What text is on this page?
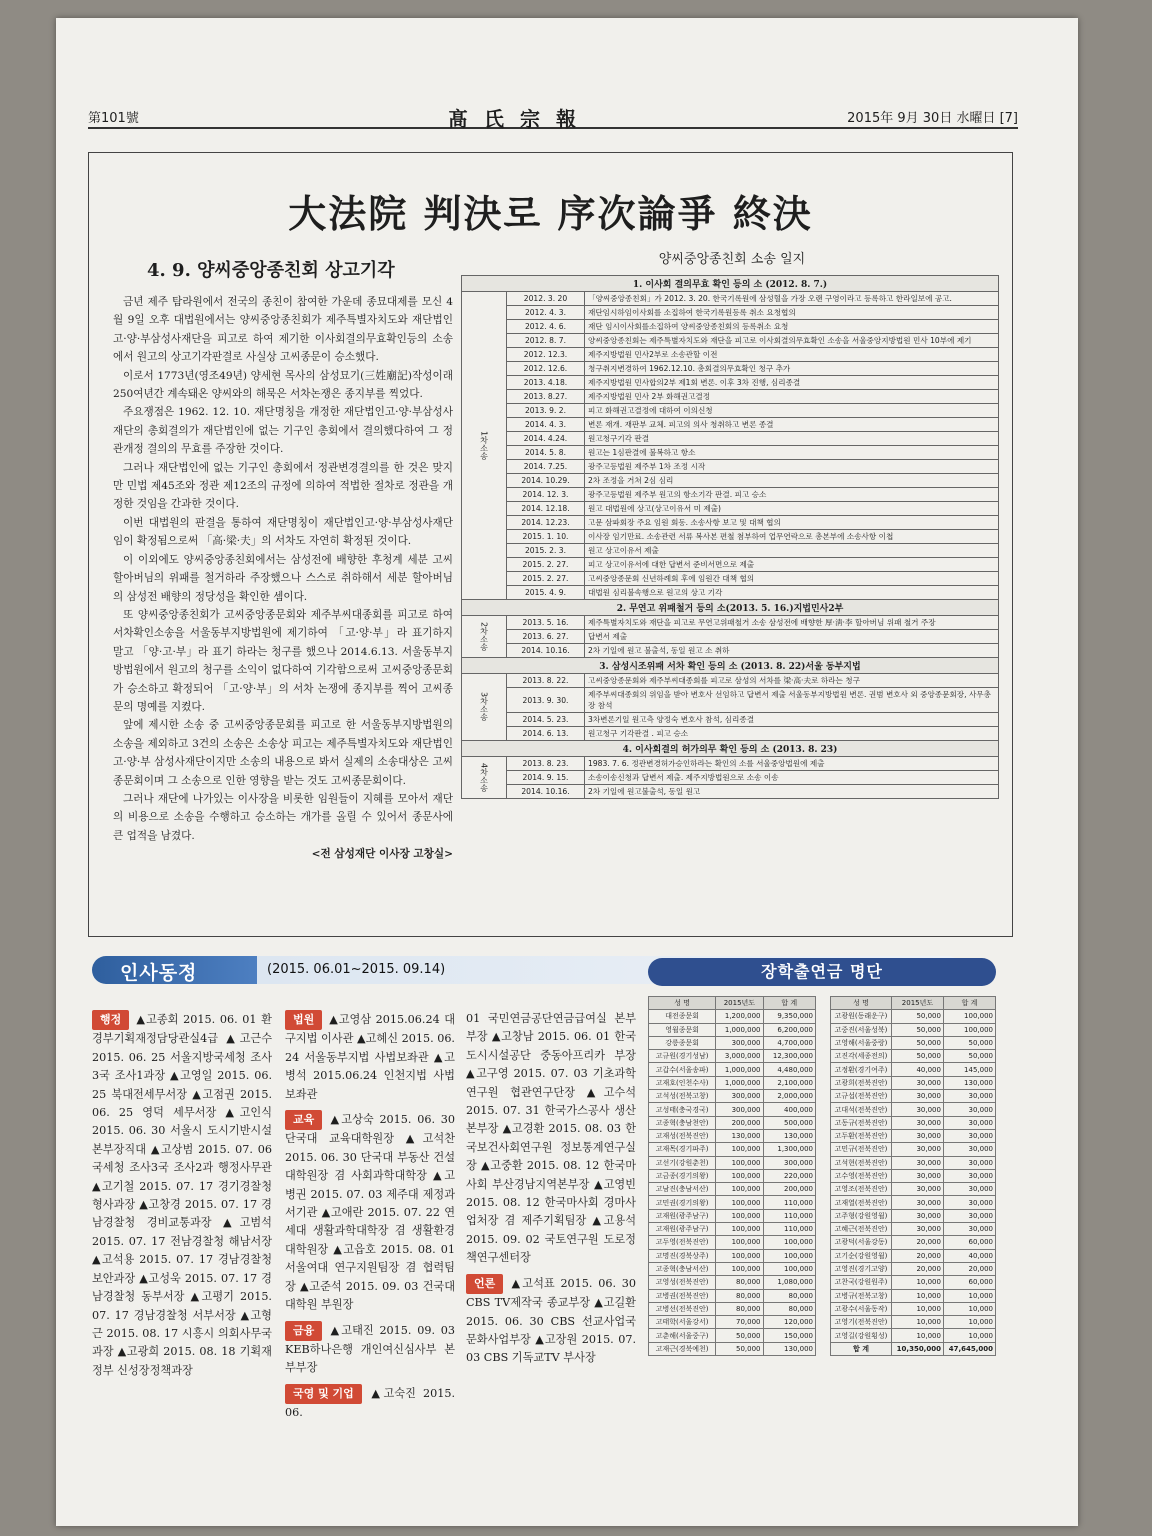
第101號	髙氏宗報	2015年 9月 30日 水曜日 [7]
大法院 判決로 序次論爭 終決
4. 9. 양씨중앙종친회 상고기각

금년 제주 탐라원에서 전국의 종친이 참여한 가운데 종묘대제를 모신 4월 9일 오후 대법원에서는 양씨중앙종친회가 제주특별자치도와 재단법인고·양·부삼성사재단을 피고로 하여 제기한 이사회결의무효확인등의 소송에서 원고의 상고기각판결로 사실상 고씨종문이 승소했다.

이로서 1773년(영조49년) 양세현 목사의 삼성묘기(三姓廟記)작성이래 250여년간 계속돼온 양씨와의 해묵은 서차논쟁은 종지부를 찍었다.

주요쟁점은 1962. 12. 10. 재단명칭을 개정한 재단법인고·양·부삼성사재단의 총회결의가 재단법인에 없는 기구인 총회에서 결의했다하여 그 정관개정 결의의 무효를 주장한 것이다.

그러나 재단법인에 없는 기구인 총회에서 정관변경결의를 한 것은 맞지만 민법 제45조와 정관 제12조의 규정에 의하여 적법한 절차로 정관을 개정한 것임을 간과한 것이다.

이번 대법원의 판결을 통하여 재단명칭이 재단법인고·양·부삼성사재단임이 확정됨으로써 「高·梁·夫」의 서차도 자연히 확정된 것이다.

이 이외에도 양씨중앙종친회에서는 삼성전에 배향한 후청계 세분 고씨 할아버님의 위패를 철거하라 주장했으나 스스로 취하해서 세분 할아버님의 삼성전 배향의 정당성을 확인한 셈이다.

또 양씨중앙종친회가 고씨중앙종문회와 제주부씨대종회를 피고로 하여 서차확인소송을 서울동부지방법원에 제기하여 「고·양·부」라 표기하지 말고 「양·고·부」라 표기 하라는 청구를 했으나 2014.6.13. 서울동부지방법원에서 원고의 청구를 소익이 없다하여 기각함으로써 고씨중앙종문회가 승소하고 확정되어 「고·양·부」의 서차 논쟁에 종지부를 찍어 고씨종문의 명예를 지켰다.

앞에 제시한 소송 중 고씨중앙종문회를 피고로 한 서울동부지방법원의 소송을 제외하고 3건의 소송은 소송상 피고는 제주특별자치도와 재단법인 고·양·부 삼성사재단이지만 소송의 내용으로 봐서 실제의 소송대상은 고씨종문회이며 그 소송으로 인한 영향을 받는 것도 고씨종문회이다.

그러나 재단에 나가있는 이사장을 비롯한 임원들이 지혜를 모아서 재단의 비용으로 소송을 수행하고 승소하는 개가를 올릴 수 있어서 종문사에 큰 업적을 남겼다.

<전 삼성재단 이사장 고창실>

양씨중앙종친회 소송 일지
1. 이사회 결의무효 확인 등의 소 (2012. 8. 7.)		
1차소송	2012. 3. 20	「양씨중앙종친회」가 2012. 3. 20. 한국기록원에 삼성혈을 가장 오랜 구영이라고 등록하고 한라일보에 공고.
	2012. 4. 3.	재단임시하임이사회를 소집하여 한국기록원등록 취소 요청협의
	2012. 4. 6.	재단 임시이사회를소집하여 양씨중앙종친회의 등록취소 요청
	2012. 8. 7.	양씨중앙종친회는 제주특별자치도와 재단을 피고로 이사회결의무효확인 소송을 서울중앙지방법원 민사 10부에 제기
	2012. 12.3.	제주지방법원 민사2부로 소송관할 이전
	2012. 12.6.	청구취지변경하여 1962.12.10. 총회결의무효확인 청구 추가
	2013. 4.18.	제주지방법원 민사합의2부 제1회 변론. 이후 3차 진행, 심리종결
	2013. 8.27.	제주지방법원 민사 2부 화해권고결정
	2013. 9. 2.	피고 화해권고결정에 대하여 이의신청
	2014. 4. 3.	변론 재개. 재판부 교체. 피고의 의사 청취하고 변론 종결
	2014. 4.24.	원고청구기각 판결
	2014. 5. 8.	원고는 1심판결에 불복하고 항소
	2014. 7.25.	광주고등법원 제주부 1차 조정 시작
	2014. 10.29.	2차 조정을 거쳐 2심 심리
	2014. 12. 3.	광주고등법원 제주부 원고의 항소기각 판결. 피고 승소
	2014. 12.18.	원고 대법원에 상고(상고이유서 미 제출)
	2014. 12.23.	고문 삼파회장 주요 임원 회동. 소송사항 보고 및 대책 협의
	2015. 1. 10.	이사장 임기만료. 소송관련 서류 복사본 편철 첨부하여 업무연락으로 총본부에 소송사항 이첩
	2015. 2. 3.	원고 상고이유서 제출
	2015. 2. 27.	피고 상고이유서에 대한 답변서 준비서면으로 제출
	2015. 2. 27.	고씨중앙종문회 신년하례회 후에 임원간 대책 협의
	2015. 4. 9.	대법원 심리불속행으로 원고의 상고 기각
2. 무연고 위패철거 등의 소(2013. 5. 16.)지법민사2부		
2차소송	2013. 5. 16.	제주특별자치도와 재단을 피고로 무연고위패철거 소송 삼성전에 배향한 厚·淸·李 할아버님 위패 철거 주장
	2013. 6. 27.	답변서 제출
	2014. 10.16.	2차 기일에 원고 불출석, 동일 원고 소 취하
3. 삼성시조위패 서차 확인 등의 소 (2013. 8. 22)서울 동부지법		
3차소송	2013. 8. 22.	고씨중앙종문회와 제주부씨대종회를 피고로 삼성의 서차를 梁·高·夫로 하라는 청구
	2013. 9. 30.	제주부씨대종회의 위임을 받아 변호사 선임하고 답변서 제출 서울동부지방법원 변론. 권범 변호사 외 중앙종문회장, 사무총장 참석
	2014. 5. 23.	3차변론기일 원고측 양정숙 변호사 참석, 심리종결
	2014. 6. 13.	원고청구 기각판결 . 피고 승소
4. 이사회결의 허가의무 확인 등의 소 (2013. 8. 23)		
4차소송	2013. 8. 23.	1983. 7. 6. 정관변경허가승인하라는 확인의 소를 서울중앙법원에 제출
	2014. 9. 15.	소송이송신청과 답변서 제출. 제주지방법원으로 소송 이송
	2014. 10.16.	2차 기일에 원고불출석, 동일 원고
인사동정	(2015. 06.01~2015. 09.14)	장학출연금 명단

행정 ▲고종회 2015. 06. 01 환경부기획재정담당관실4급 ▲고근수 2015. 06. 25 서울지방국세청 조사3국 조사1과장 ▲고영일 2015. 06. 25 북대전세무서장 ▲고점권 2015. 06. 25 영덕 세무서장 ▲고인식 2015. 06. 30 서울시 도시기반시설본부장직대 ▲고상범 2015. 07. 06 국세청 조사3국 조사2과 행정사무관 ▲고기철 2015. 07. 17 경기경찰청 형사과장 ▲고창경 2015. 07. 17 경남경찰청 경비교통과장 ▲고범석 2015. 07. 17 전남경찰청 해남서장 ▲고석용 2015. 07. 17 경남경찰청 보안과장 ▲고성욱 2015. 07. 17 경남경찰청 동부서장 ▲고평기 2015. 07. 17 경남경찰청 서부서장 ▲고형근 2015. 08. 17 시흥시 의회사무국 과장 ▲고광희 2015. 08. 18 기획재정부 신성장정책과장

법원 ▲고영삼 2015.06.24 대구지법 이사관 ▲고혜신 2015. 06. 24 서울동부지법 사법보좌관 ▲고병석 2015.06.24 인천지법 사법보좌관

교육 ▲고상숙 2015. 06. 30 단국대 교육대학원장 ▲고석찬 2015. 06. 30 단국대 부동산 건설대학원장 겸 사회과학대학장 ▲고병권 2015. 07. 03 제주대 제정과 서기관 ▲고애란 2015. 07. 22 연세대 생활과학대학장 겸 생활환경대학원장 ▲고읍호 2015. 08. 01 서울여대 연구지원팀장 겸 협력팀장 ▲고준석 2015. 09. 03 건국대 대학원 부원장

금융 ▲고태진 2015. 09. 03 KEB하나은행 개인여신심사부 본부부장

국영 및 기업 ▲고숙진 2015. 06.

01 국민연금공단연금급여실 본부부장 ▲고창남 2015. 06. 01 한국도시시설공단 중동아프리카 부장 ▲고구영 2015. 07. 03 기초과학연구원 협관연구단장 ▲고수석 2015. 07. 31 한국가스공사 생산본부장 ▲고경환 2015. 08. 03 한국보건사회연구원 정보통계연구실장 ▲고중환 2015. 08. 12 한국마사회 부산경남지역본부장 ▲고영빈 2015. 08. 12 한국마사회 경마사업처장 겸 제주기획팀장 ▲고용석 2015. 09. 02 국토연구원 도로정책연구센터장

언론 ▲고석표 2015. 06. 30 CBS TV제작국 종교부장 ▲고길환 2015. 06. 30 CBS 선교사업국 문화사업부장 ▲고장원 2015. 07. 03 CBS 기독교TV 부사장

성 명	2015년도	합 계
대전종문회	1,200,000	9,350,000
영월종문회	1,000,000	6,200,000
강릉종문회	300,000	4,700,000
고규원(경기성남)	3,000,000	12,300,000
고갑수(서울송파)	1,000,000	4,480,000
고재호(인천수사)	1,000,000	2,100,000
고석성(전북고창)	300,000	2,000,000
고성태(충국경국)	300,000	400,000
고종혁(충남천안)	200,000	500,000
고재성(전북진안)	130,000	130,000
고재목(경기파주)	100,000	1,300,000
고선기(강원춘천)	100,000	300,000
고금종(경기의왕)	100,000	220,000
고남진(충남서산)	100,000	200,000
고민권(경기의왕)	100,000	110,000
고재원(광주남구)	100,000	110,000
고재원(광주남구)	100,000	110,000
고두영(전북진안)	100,000	100,000
고명진(경북상주)	100,000	100,000
고종혁(충남서산)	100,000	100,000
고영성(전북진안)	80,000	1,080,000
고병권(전북진안)	80,000	80,000
고병선(전북진안)	80,000	80,000
고태학(서울강서)	70,000	120,000
고춘해(서울중구)	50,000	150,000
고재근(경북예천)	50,000	130,000
성 명	2015년도	합 계
고광원(동래운구)	50,000	100,000
고중진(서울성북)	50,000	100,000
고영해(서울중랑)	50,000	50,000
고진각(세종전의)	50,000	50,000
고정환(경기여주)	40,000	145,000
고광희(전북진안)	30,000	130,000
고규섭(전북진안)	30,000	30,000
고대석(전북진안)	30,000	30,000
고동규(전북진안)	30,000	30,000
고두환(전북진안)	30,000	30,000
고민규(전북진안)	30,000	30,000
고석현(전북진안)	30,000	30,000
고수영(전북진안)	30,000	30,000
고영조(전북진안)	30,000	30,000
고재열(전북진안)	30,000	30,000
고주형(강원영월)	30,000	30,000
고혜근(전북진안)	30,000	30,000
고광덕(서울강동)	20,000	60,000
고기순(강원영월)	20,000	40,000
고영진(경기고양)	20,000	20,000
고찬국(강원원주)	10,000	60,000
고병규(전북고창)	10,000	10,000
고광수(서울동작)	10,000	10,000
고영기(전북진안)	10,000	10,000
고영길(강원횡성)	10,000	10,000
합 계	10,350,000	47,645,000
